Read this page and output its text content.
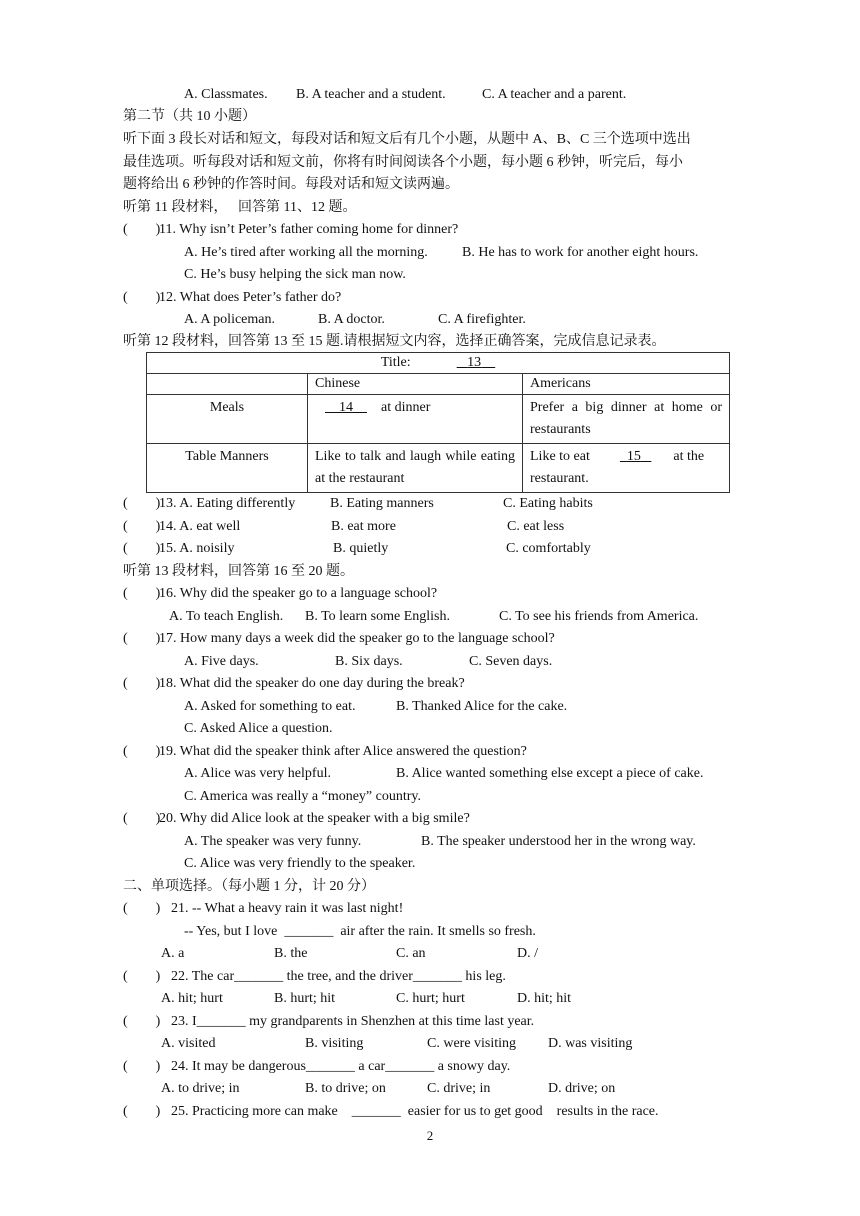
A. Classmates. B. A teacher and a student.	C. A teacher and a parent.
第二节（共 10 小题）
听下面 3 段长对话和短文，每段对话和短文后有几个小题，从题中 A、B、C 三个选项中选出
最佳选项。听每段对话和短文前，你将有时间阅读各个小题，每小题 6 秒钟，听完后，每小
题将给出 6 秒钟的作答时间。每段对话和短文读两遍。
听第 11 段材料，   回答第 11、12 题。
(        )
11. Why isn’t Peter’s father coming home for dinner?
A. He’s tired after working all the morning. B. He has to work for another eight hours.
C. He’s busy helping the sick man now.
(        )
12. What does Peter’s father do?
A. A policeman.	B. A doctor.	C. A firefighter.
听第 12 段材料，回答第 13 至 15 题.请根据短文内容，选择正确答案，完成信息记录表。
Title: 13		
	Chinese	Americans
Meals	14 at dinner	Prefer a big dinner at home or restaurants
Table Manners	Like to talk and laugh while eating at the restaurant	Like to eat 15 at the restaurant.
(        )
13. A. Eating differently B. Eating manners	C. Eating habits
(        )
14. A. eat well	B. eat more	C. eat less
(        )
15. A. noisily	B. quietly	C. comfortably
听第 13 段材料，回答第 16 至 20 题。
(        )
16. Why did the speaker go to a language school?
A. To teach English. B. To learn some English.	C. To see his friends from America.
(        )
17. How many days a week did the speaker go to the language school?
A. Five days.	B. Six days.	C. Seven days.
(        )
18. What did the speaker do one day during the break?
A. Asked for something to eat.	B. Thanked Alice for the cake.
C. Asked Alice a question.
(        )
19. What did the speaker think after Alice answered the question?
A. Alice was very helpful.	B. Alice wanted something else except a piece of cake.
C. America was really a “money” country.
(        )
20. Why did Alice look at the speaker with a big smile?
A. The speaker was very funny.	B. The speaker understood her in the wrong way.
C. Alice was very friendly to the speaker.
二、单项选择。（每小题 1 分，计 20 分）
(        ) 21. -- What a heavy rain it was last night!
-- Yes, but I love  _______  air after the rain. It smells so fresh.
A. a	B. the	C. an	D. /
(        ) 22. The car_______ the tree, and the driver_______ his leg.
A. hit; hurt	B. hurt; hit	C. hurt; hurt	D. hit; hit
(        ) 23. I_______ my grandparents in Shenzhen at this time last year.
A. visited	B. visiting	C. were visiting D. was visiting
(        ) 24. It may be dangerous_______ a car_______ a snowy day.
A. to drive; in	B. to drive; on	C. drive; in	D. drive; on
(        ) 25. Practicing more can make    _______  easier for us to get good    results in the race.
2
